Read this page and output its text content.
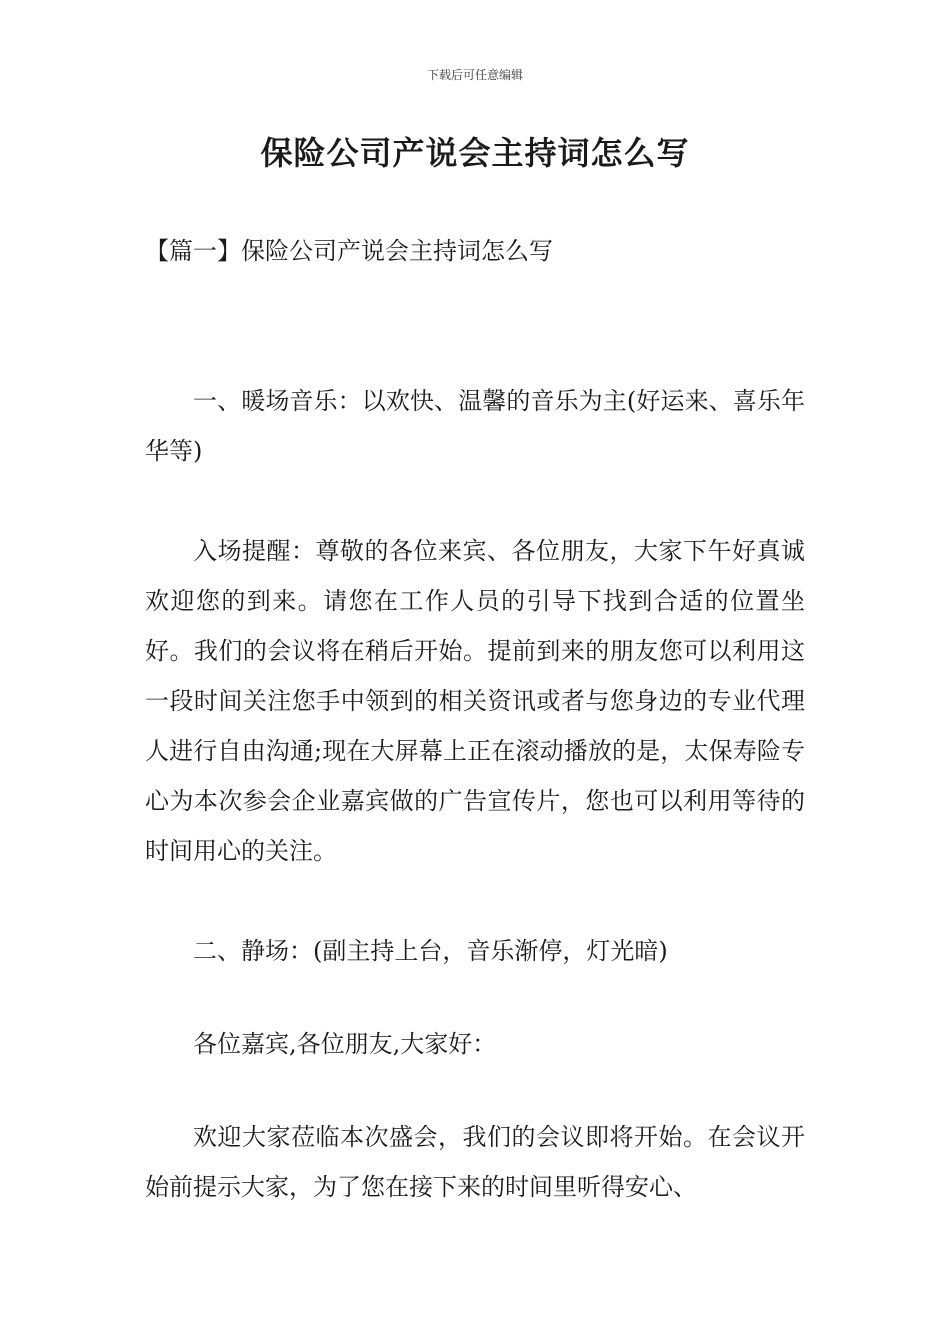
下载后可任意编辑
保险公司产说会主持词怎么写
【篇一】保险公司产说会主持词怎么写

一、暖场音乐：以欢快、温馨的音乐为主(好运来、喜乐年华等)

入场提醒：尊敬的各位来宾、各位朋友，大家下午好真诚欢迎您的到来。请您在工作人员的引导下找到合适的位置坐好。我们的会议将在稍后开始。提前到来的朋友您可以利用这一段时间关注您手中领到的相关资讯或者与您身边的专业代理人进行自由沟通;现在大屏幕上正在滚动播放的是，太保寿险专心为本次参会企业嘉宾做的广告宣传片，您也可以利用等待的时间用心的关注。

二、静场：(副主持上台，音乐渐停，灯光暗)

各位嘉宾,各位朋友,大家好：

欢迎大家莅临本次盛会，我们的会议即将开始。在会议开始前提示大家，为了您在接下来的时间里听得安心、
